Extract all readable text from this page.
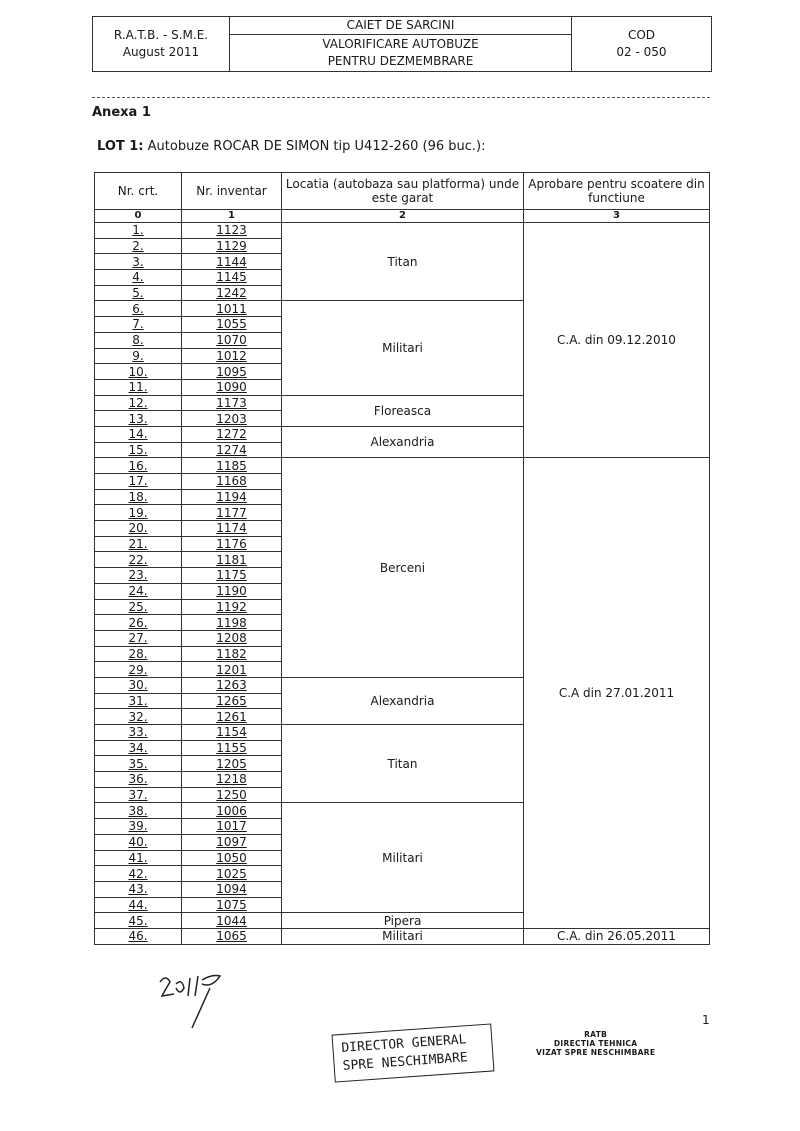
R.A.T.B. - S.M.E.
August 2011
CAIET DE SARCINI
VALORIFICARE AUTOBUZE
PENTRU DEZMEMBRARE
COD
02 - 050
Anexa 1
LOT 1: Autobuze ROCAR DE SIMON tip U412-260 (96 buc.):
Nr. crt.	Nr. inventar	Locatia (autobaza sau platforma) unde este garat	Aprobare pentru scoatere din functiune
0	1	2	3
1.	1123	Titan	C.A. din 09.12.2010
2.	1129		
3.	1144		
4.	1145		
5.	1242		
6.	1011	Militari	
7.	1055		
8.	1070		
9.	1012		
10.	1095		
11.	1090		
12.	1173	Floreasca	
13.	1203		
14.	1272	Alexandria	
15.	1274		
16.	1185	Berceni	C.A din 27.01.2011
17.	1168		
18.	1194		
19.	1177		
20.	1174		
21.	1176		
22.	1181		
23.	1175		
24.	1190		
25.	1192		
26.	1198		
27.	1208		
28.	1182		
29.	1201		
30.	1263	Alexandria	
31.	1265		
32.	1261		
33.	1154	Titan	
34.	1155		
35.	1205		
36.	1218		
37.	1250		
38.	1006	Militari	
39.	1017		
40.	1097		
41.	1050		
42.	1025		
43.	1094		
44.	1075		
45.	1044	Pipera	
46.	1065	Militari	C.A. din 26.05.2011
1
DIRECTOR GENERAL
SPRE NESCHIMBARE
RATB
DIRECTIA TEHNICA
VIZAT SPRE NESCHIMBARE
